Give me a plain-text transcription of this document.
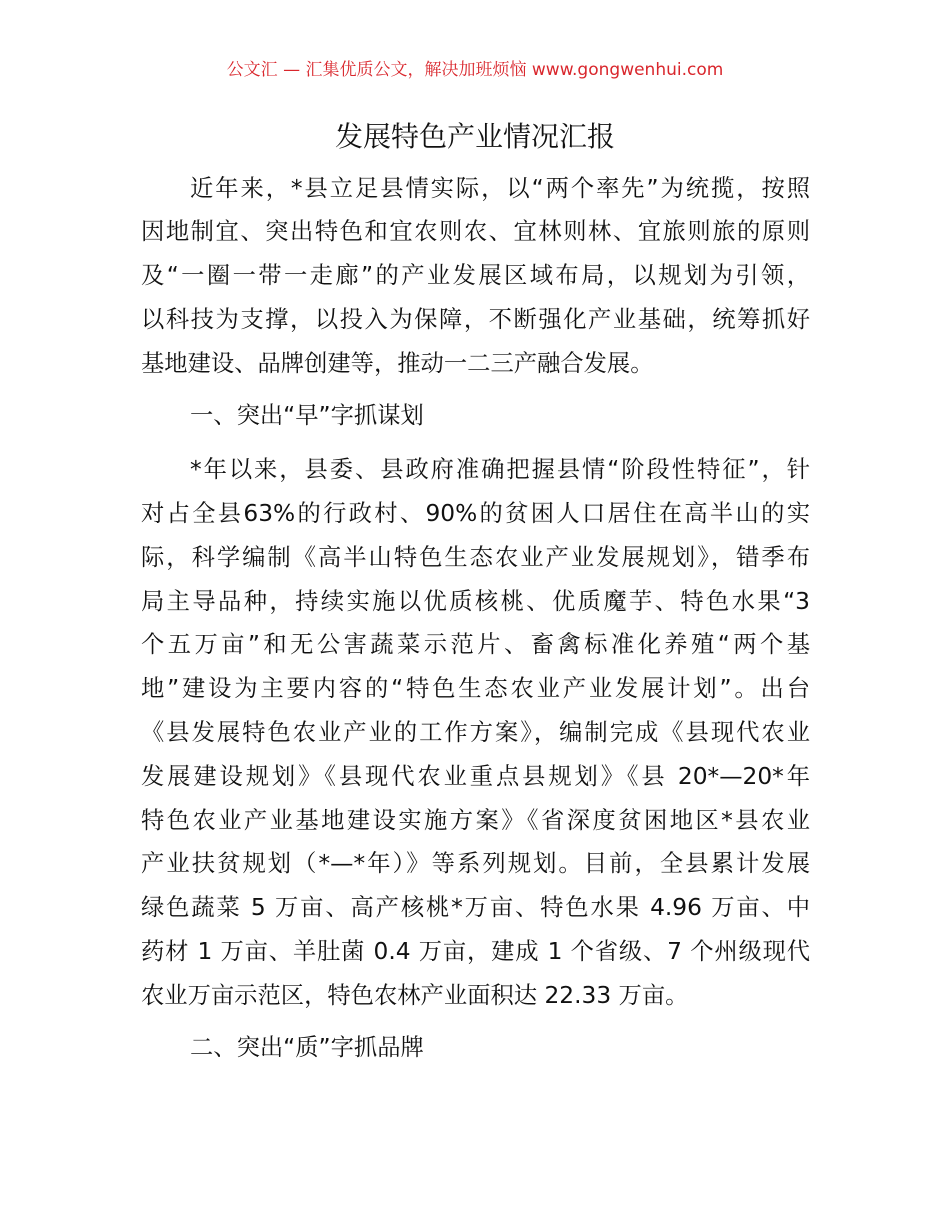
公文汇 — 汇集优质公文，解决加班烦恼 www.gongwenhui.com
发展特色产业情况汇报
近年来，*县立足县情实际，以“两个率先”为统揽，按照
因地制宜、突出特色和宜农则农、宜林则林、宜旅则旅的原则
及“一圈一带一走廊”的产业发展区域布局，以规划为引领，
以科技为支撑，以投入为保障，不断强化产业基础，统筹抓好
基地建设、品牌创建等，推动一二三产融合发展。
一、突出“早”字抓谋划
*年以来，县委、县政府准确把握县情“阶段性特征”，针
对占全县63%的行政村、90%的贫困人口居住在高半山的实
际，科学编制《高半山特色生态农业产业发展规划》，错季布
局主导品种，持续实施以优质核桃、优质魔芋、特色水果“3
个五万亩”和无公害蔬菜示范片、畜禽标准化养殖“两个基
地”建设为主要内容的“特色生态农业产业发展计划”。出台
《县发展特色农业产业的工作方案》，编制完成《县现代农业
发展建设规划》《县现代农业重点县规划》《县 20*—20*年
特色农业产业基地建设实施方案》《省深度贫困地区*县农业
产业扶贫规划（*—*年）》等系列规划。目前，全县累计发展
绿色蔬菜 5 万亩、高产核桃*万亩、特色水果 4.96 万亩、中
药材 1 万亩、羊肚菌 0.4 万亩，建成 1 个省级、7 个州级现代
农业万亩示范区，特色农林产业面积达 22.33 万亩。
二、突出“质”字抓品牌
